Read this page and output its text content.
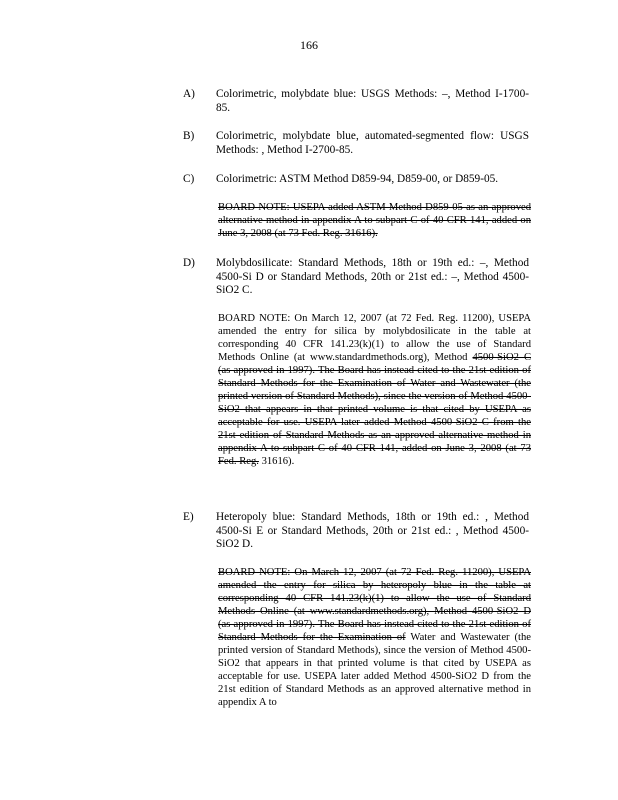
166
A) Colorimetric, molybdate blue: USGS Methods: –, Method I-1700-85.
B) Colorimetric, molybdate blue, automated-segmented flow: USGS Methods: , Method I-2700-85.
C) Colorimetric: ASTM Method D859-94, D859-00, or D859-05.
BOARD NOTE: USEPA added ASTM Method D859-05 as an approved alternative method in appendix A to subpart C of 40 CFR 141, added on June 3, 2008 (at 73 Fed. Reg. 31616).
D) Molybdosilicate: Standard Methods, 18th or 19th ed.: –, Method 4500-Si D or Standard Methods, 20th or 21st ed.: –, Method 4500-SiO2 C.
BOARD NOTE: On March 12, 2007 (at 72 Fed. Reg. 11200), USEPA amended the entry for silica by molybdosilicate in the table at corresponding 40 CFR 141.23(k)(1) to allow the use of Standard Methods Online (at www.standardmethods.org), Method 4500-SiO2 C (as approved in 1997). The Board has instead cited to the 21st edition of Standard Methods for the Examination of Water and Wastewater (the printed version of Standard Methods), since the version of Method 4500-SiO2 that appears in that printed volume is that cited by USEPA as acceptable for use. USEPA later added Method 4500-SiO2 C from the 21st edition of Standard Methods as an approved alternative method in appendix A to subpart C of 40 CFR 141, added on June 3, 2008 (at 73 Fed. Reg. 31616).
E) Heteropoly blue: Standard Methods, 18th or 19th ed.: , Method 4500-Si E or Standard Methods, 20th or 21st ed.: , Method 4500-SiO2 D.
BOARD NOTE: On March 12, 2007 (at 72 Fed. Reg. 11200), USEPA amended the entry for silica by heteropoly blue in the table at corresponding 40 CFR 141.23(k)(1) to allow the use of Standard Methods Online (at www.standardmethods.org), Method 4500-SiO2 D (as approved in 1997). The Board has instead cited to the 21st edition of Standard Methods for the Examination of Water and Wastewater (the printed version of Standard Methods), since the version of Method 4500-SiO2 that appears in that printed volume is that cited by USEPA as acceptable for use. USEPA later added Method 4500-SiO2 D from the 21st edition of Standard Methods as an approved alternative method in appendix A to
